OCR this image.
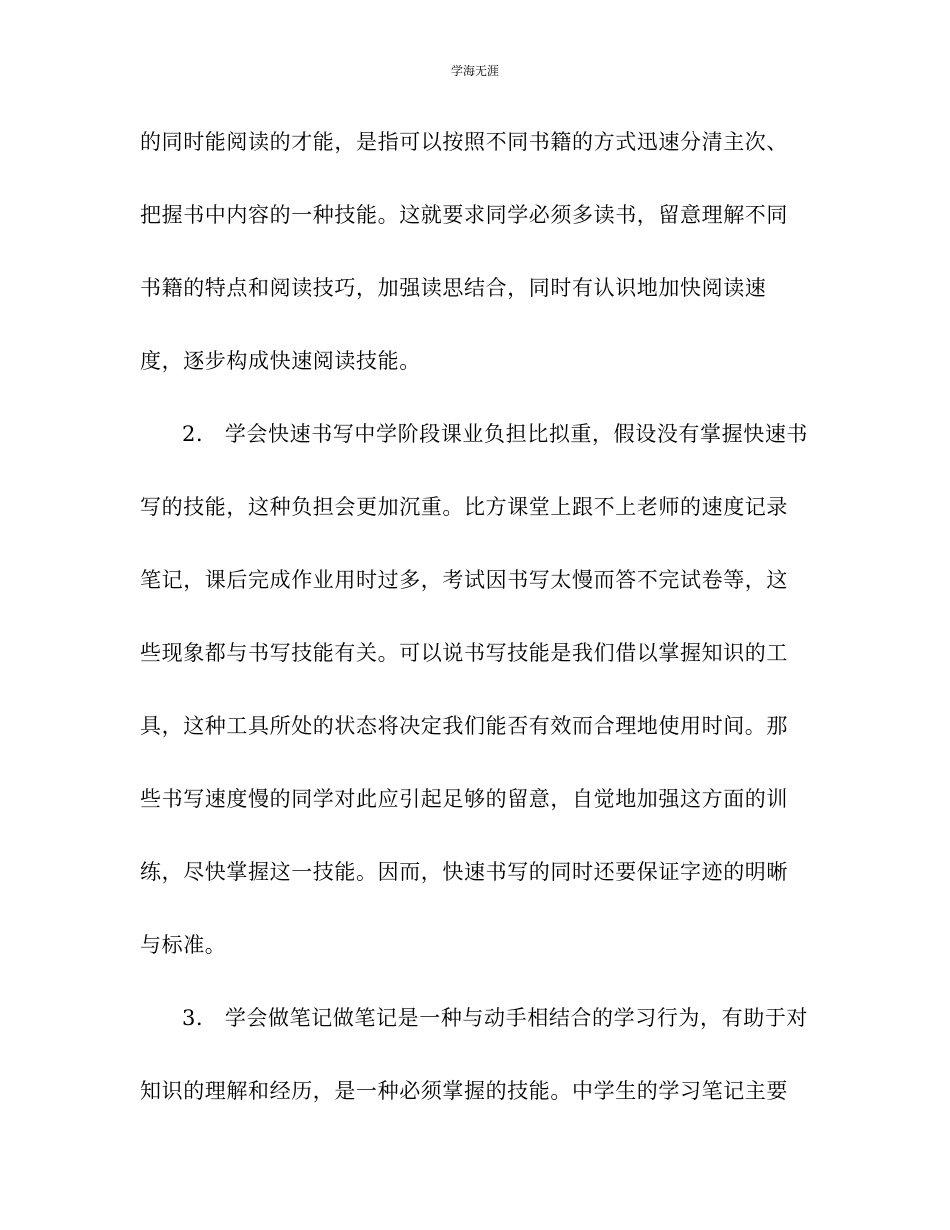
学海无涯
的同时能阅读的才能，是指可以按照不同书籍的方式迅速分清主次、
把握书中内容的一种技能。这就要求同学必须多读书，留意理解不同
书籍的特点和阅读技巧，加强读思结合，同时有认识地加快阅读速
度，逐步构成快速阅读技能。
2． 学会快速书写中学阶段课业负担比拟重，假设没有掌握快速书
写的技能，这种负担会更加沉重。比方课堂上跟不上老师的速度记录
笔记，课后完成作业用时过多，考试因书写太慢而答不完试卷等，这
些现象都与书写技能有关。可以说书写技能是我们借以掌握知识的工
具，这种工具所处的状态将决定我们能否有效而合理地使用时间。那
些书写速度慢的同学对此应引起足够的留意，自觉地加强这方面的训
练，尽快掌握这一技能。因而，快速书写的同时还要保证字迹的明晰
与标准。
3． 学会做笔记做笔记是一种与动手相结合的学习行为，有助于对
知识的理解和经历，是一种必须掌握的技能。中学生的学习笔记主要
